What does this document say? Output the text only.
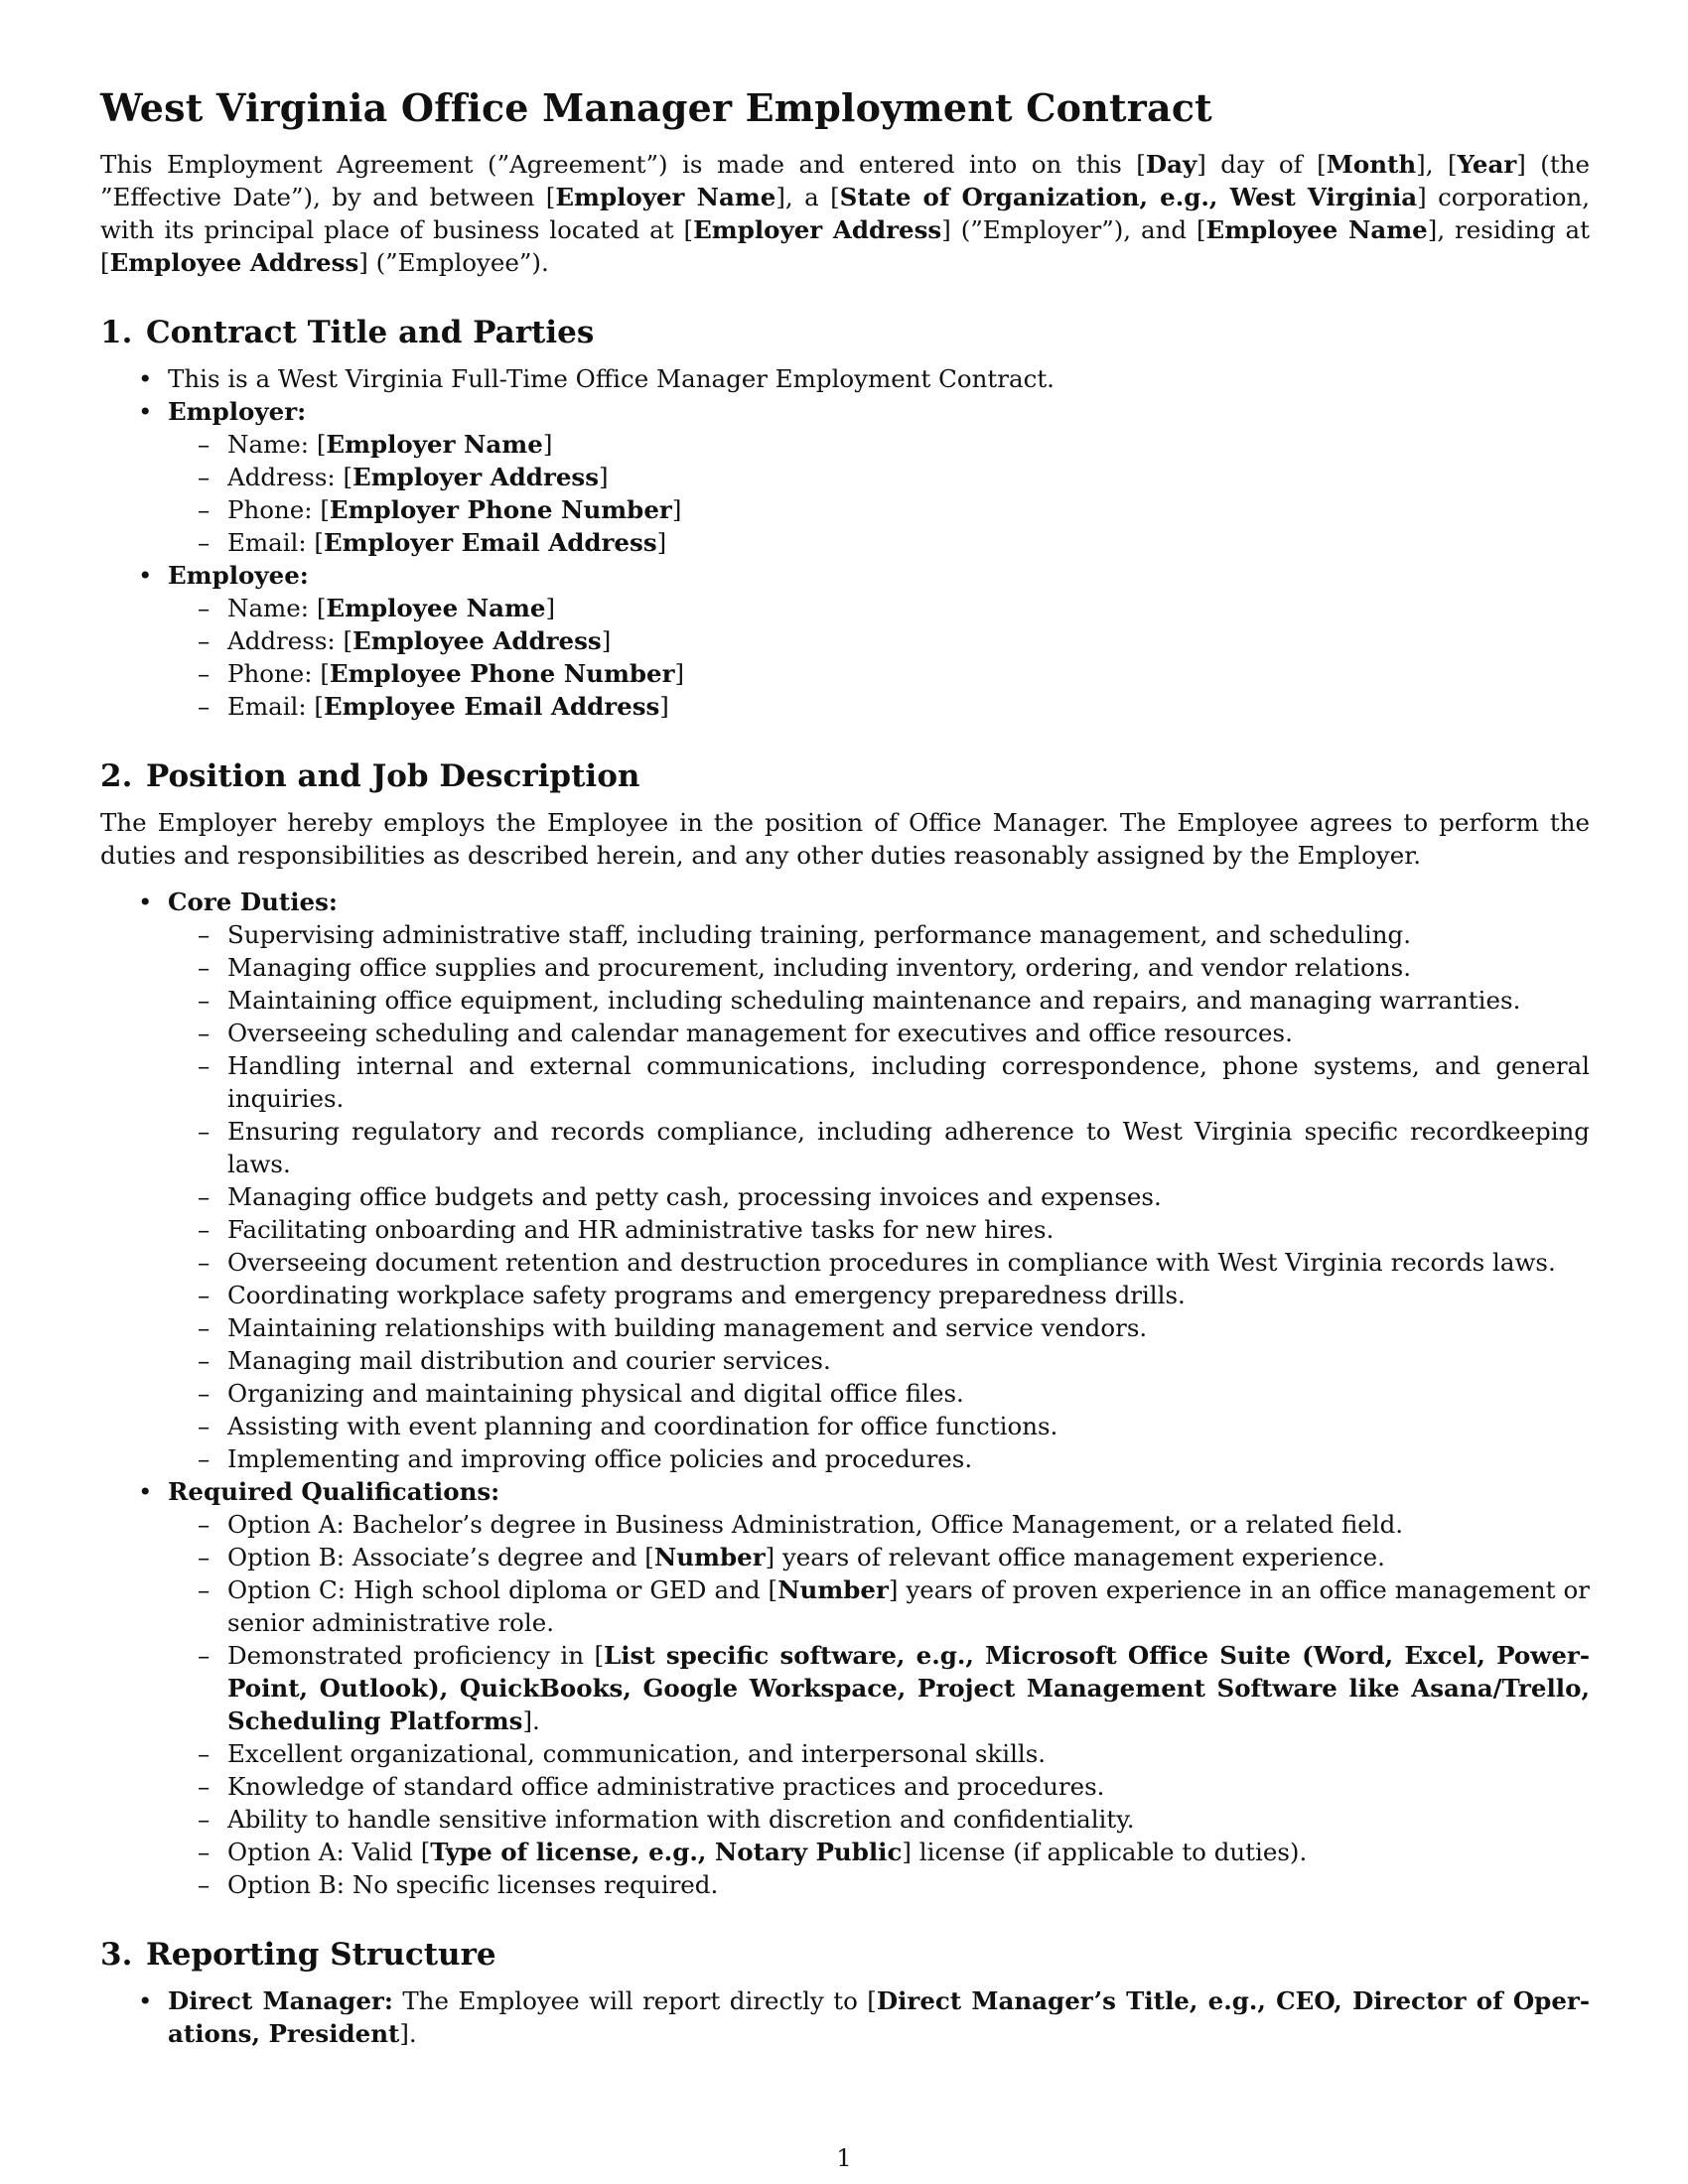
West Virginia Office Manager Employment Contract

This Employment Agreement (”Agreement”) is made and entered into on this [Day] day of [Month], [Year] (the ”Effective Date”), by and between [Employer Name], a [State of Organization, e.g., West Virginia] corporation, with its principal place of business located at [Employer Address] (”Employer”), and [Employee Name], residing at [Employee Address] (”Employee”).

1. Contract Title and Parties
• This is a West Virginia Full-Time Office Manager Employment Contract.
• Employer:
– Name: [Employer Name]
– Address: [Employer Address]
– Phone: [Employer Phone Number]
– Email: [Employer Email Address]
• Employee:
– Name: [Employee Name]
– Address: [Employee Address]
– Phone: [Employee Phone Number]
– Email: [Employee Email Address]
2. Position and Job Description

The Employer hereby employs the Employee in the position of Office Manager. The Employee agrees to perform the duties and responsibilities as described herein, and any other duties reasonably assigned by the Employer.

• Core Duties:
– Supervising administrative staff, including training, performance management, and scheduling.
– Managing office supplies and procurement, including inventory, ordering, and vendor relations.
– Maintaining office equipment, including scheduling maintenance and repairs, and managing warranties.
– Overseeing scheduling and calendar management for executives and office resources.
– Handling internal and external communications, including correspondence, phone systems, and general inquiries.
– Ensuring regulatory and records compliance, including adherence to West Virginia specific recordkeeping laws.
– Managing office budgets and petty cash, processing invoices and expenses.
– Facilitating onboarding and HR administrative tasks for new hires.
– Overseeing document retention and destruction procedures in compliance with West Virginia records laws.
– Coordinating workplace safety programs and emergency preparedness drills.
– Maintaining relationships with building management and service vendors.
– Managing mail distribution and courier services.
– Organizing and maintaining physical and digital office files.
– Assisting with event planning and coordination for office functions.
– Implementing and improving office policies and procedures.
• Required Qualifications:
– Option A: Bachelor’s degree in Business Administration, Office Management, or a related field.
– Option B: Associate’s degree and [Number] years of relevant office management experience.
– Option C: High school diploma or GED and [Number] years of proven experience in an office management or senior administrative role.
– Demonstrated proficiency in [List specific software, e.g., Microsoft Office Suite (Word, Excel, PowerPoint, Outlook), QuickBooks, Google Workspace, Project Management Software like Asana/Trello, Scheduling Platforms].
– Excellent organizational, communication, and interpersonal skills.
– Knowledge of standard office administrative practices and procedures.
– Ability to handle sensitive information with discretion and confidentiality.
– Option A: Valid [Type of license, e.g., Notary Public] license (if applicable to duties).
– Option B: No specific licenses required.
3. Reporting Structure
• Direct Manager: The Employee will report directly to [Direct Manager’s Title, e.g., CEO, Director of Operations, President].
1
